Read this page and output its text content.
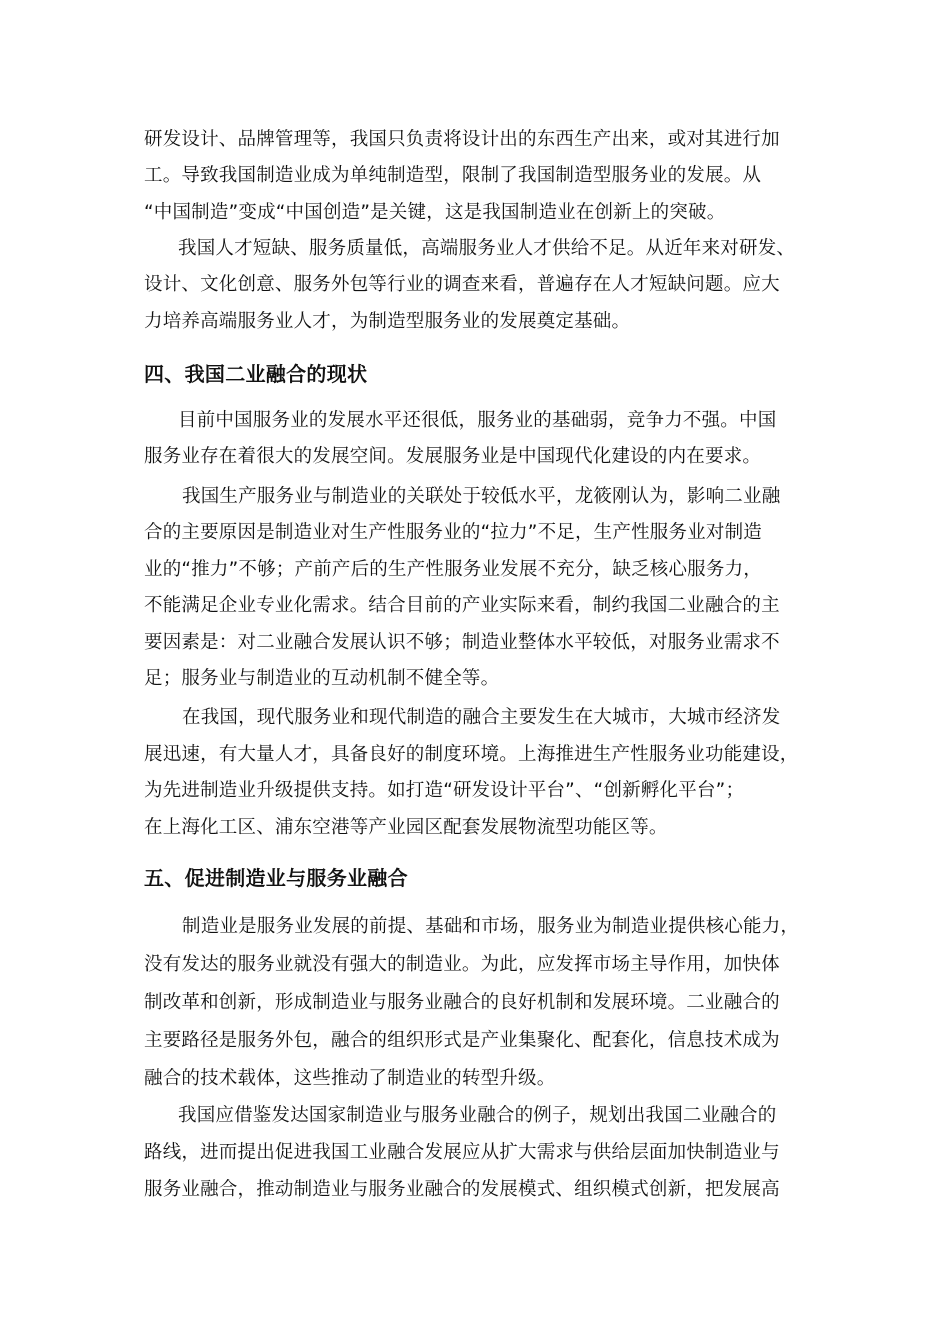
研发设计、品牌管理等，我国只负责将设计出的东西生产出来，或对其进行加
工。导致我国制造业成为单纯制造型，限制了我国制造型服务业的发展。从
“中国制造”变成“中国创造”是关键，这是我国制造业在创新上的突破。
我国人才短缺、服务质量低，高端服务业人才供给不足。从近年来对研发、
设计、文化创意、服务外包等行业的调查来看，普遍存在人才短缺问题。应大
力培养高端服务业人才，为制造型服务业的发展奠定基础。
四、我国二业融合的现状
目前中国服务业的发展水平还很低，服务业的基础弱，竞争力不强。中国
服务业存在着很大的发展空间。发展服务业是中国现代化建设的内在要求。
我国生产服务业与制造业的关联处于较低水平，龙筱刚认为，影响二业融
合的主要原因是制造业对生产性服务业的“拉力”不足，生产性服务业对制造
业的“推力”不够；产前产后的生产性服务业发展不充分，缺乏核心服务力，
不能满足企业专业化需求。结合目前的产业实际来看，制约我国二业融合的主
要因素是：对二业融合发展认识不够；制造业整体水平较低，对服务业需求不
足；服务业与制造业的互动机制不健全等。
在我国，现代服务业和现代制造的融合主要发生在大城市，大城市经济发
展迅速，有大量人才，具备良好的制度环境。上海推进生产性服务业功能建设，
为先进制造业升级提供支持。如打造“研发设计平台”、“创新孵化平台”；
在上海化工区、浦东空港等产业园区配套发展物流型功能区等。
五、促进制造业与服务业融合
制造业是服务业发展的前提、基础和市场，服务业为制造业提供核心能力，
没有发达的服务业就没有强大的制造业。为此，应发挥市场主导作用，加快体
制改革和创新，形成制造业与服务业融合的良好机制和发展环境。二业融合的
主要路径是服务外包，融合的组织形式是产业集聚化、配套化，信息技术成为
融合的技术载体，这些推动了制造业的转型升级。
我国应借鉴发达国家制造业与服务业融合的例子，规划出我国二业融合的
路线，进而提出促进我国工业融合发展应从扩大需求与供给层面加快制造业与
服务业融合，推动制造业与服务业融合的发展模式、组织模式创新，把发展高
